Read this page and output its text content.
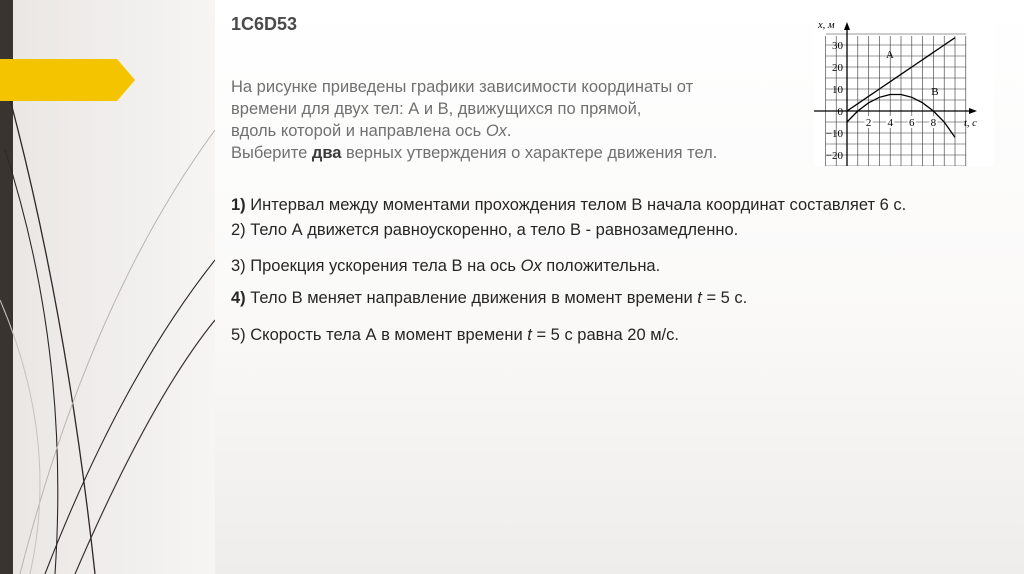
1C6D53
На рисунке приведены графики зависимости координаты от
времени для двух тел: А и В, движущихся по прямой,
вдоль которой и направлена ось Ox.
Выберите два верных утверждения о характере движения тел.
1) Интервал между моментами прохождения телом В начала координат составляет 6 с.
2) Тело А движется равноускоренно, а тело В - равнозамедленно.
3) Проекция ускорения тела В на ось Ox положительна.
4) Тело В меняет направление движения в момент времени t = 5 с.
5) Скорость тела А в момент времени t = 5 с равна 20 м/с.
x, м
t, с
30
20
10
0
−10
−20
2 4 6 8
A
B
